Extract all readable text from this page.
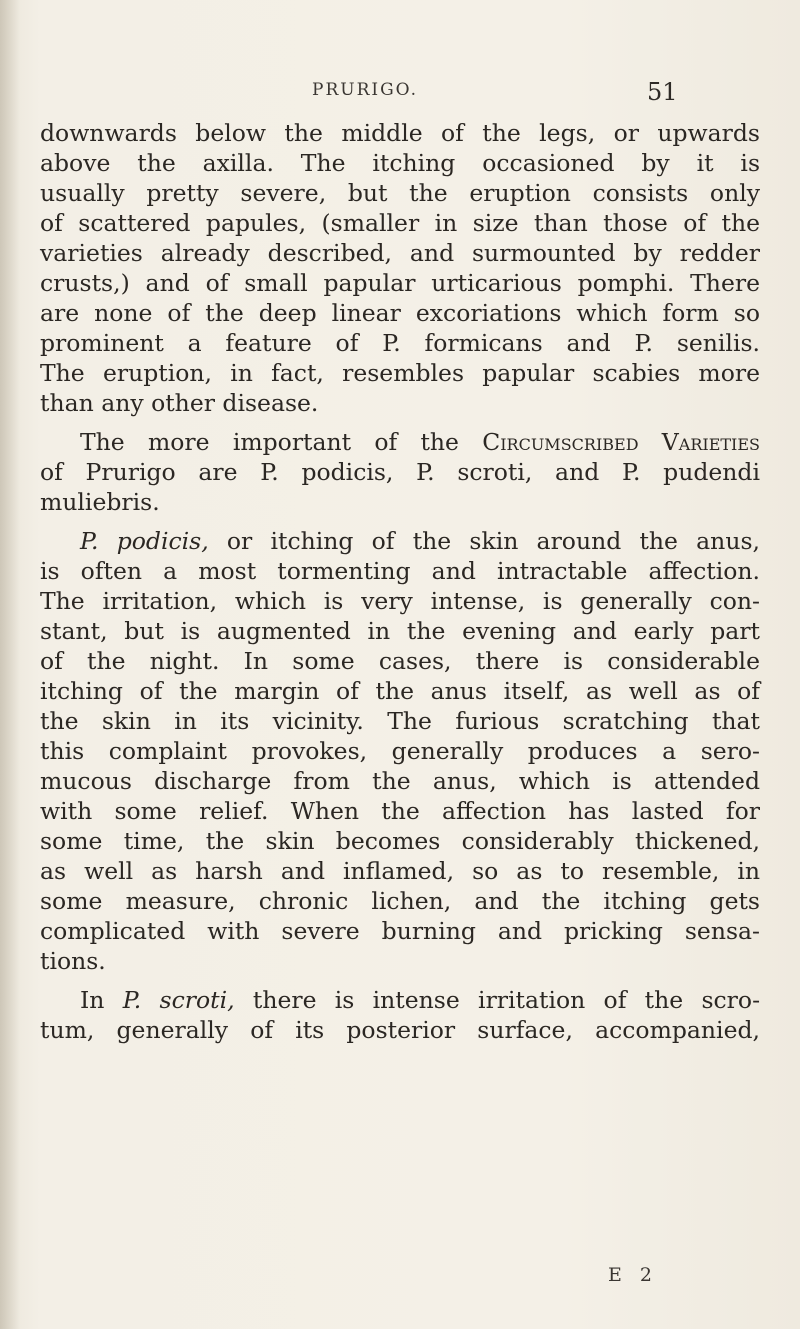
PRURIGO.	51
downwards below the middle of the legs, or upwards
above the axilla. The itching occasioned by it is
usually pretty severe, but the eruption consists only
of scattered papules, (smaller in size than those of the
varieties already described, and surmounted by redder
crusts,) and of small papular urticarious pomphi. There
are none of the deep linear excoriations which form so
prominent a feature of P. formicans and P. senilis.
The eruption, in fact, resembles papular scabies more
than any other disease.
The more important of the Circumscribed Varieties
of Prurigo are P. podicis, P. scroti, and P. pudendi
muliebris.
P. podicis, or itching of the skin around the anus,
is often a most tormenting and intractable affection.
The irritation, which is very intense, is generally con-
stant, but is augmented in the evening and early part
of the night. In some cases, there is considerable
itching of the margin of the anus itself, as well as of
the skin in its vicinity. The furious scratching that
this complaint provokes, generally produces a sero-
mucous discharge from the anus, which is attended
with some relief. When the affection has lasted for
some time, the skin becomes considerably thickened,
as well as harsh and inflamed, so as to resemble, in
some measure, chronic lichen, and the itching gets
complicated with severe burning and pricking sensa-
tions.
In P. scroti, there is intense irritation of the scro-
tum, generally of its posterior surface, accompanied,
E 2
